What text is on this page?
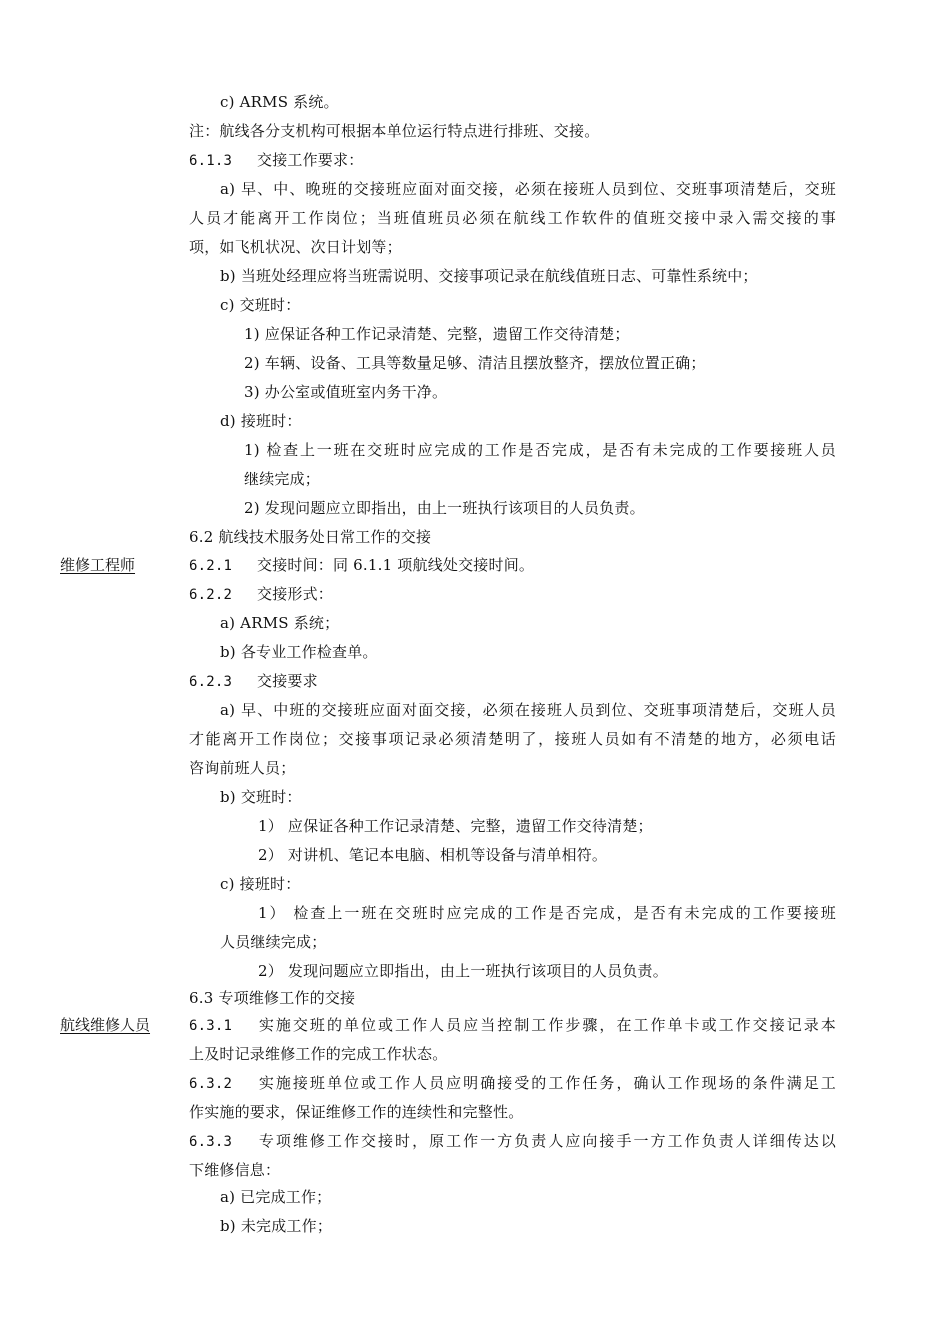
维修工程师
航线维修人员
c) ARMS 系统。
注：航线各分支机构可根据本单位运行特点进行排班、交接。
6.1.3 交接工作要求：
a) 早、中、晚班的交接班应面对面交接，必须在接班人员到位、交班事项清楚后，交班
人员才能离开工作岗位；当班值班员必须在航线工作软件的值班交接中录入需交接的事
项，如飞机状况、次日计划等；
b) 当班处经理应将当班需说明、交接事项记录在航线值班日志、可靠性系统中；
c) 交班时：
1) 应保证各种工作记录清楚、完整，遗留工作交待清楚；
2) 车辆、设备、工具等数量足够、清洁且摆放整齐，摆放位置正确；
3) 办公室或值班室内务干净。
d) 接班时：
1) 检查上一班在交班时应完成的工作是否完成，是否有未完成的工作要接班人员
继续完成；
2) 发现问题应立即指出，由上一班执行该项目的人员负责。
6.2 航线技术服务处日常工作的交接
6.2.1 交接时间：同 6.1.1 项航线处交接时间。
6.2.2 交接形式：
a) ARMS 系统；
b) 各专业工作检查单。
6.2.3 交接要求
a) 早、中班的交接班应面对面交接，必须在接班人员到位、交班事项清楚后，交班人员
才能离开工作岗位；交接事项记录必须清楚明了，接班人员如有不清楚的地方，必须电话
咨询前班人员；
b) 交班时：
1） 应保证各种工作记录清楚、完整，遗留工作交待清楚；
2） 对讲机、笔记本电脑、相机等设备与清单相符。
c) 接班时：
1） 检查上一班在交班时应完成的工作是否完成，是否有未完成的工作要接班
人员继续完成；
2） 发现问题应立即指出，由上一班执行该项目的人员负责。
6.3 专项维修工作的交接
6.3.1 实施交班的单位或工作人员应当控制工作步骤，在工作单卡或工作交接记录本
上及时记录维修工作的完成工作状态。
6.3.2 实施接班单位或工作人员应明确接受的工作任务，确认工作现场的条件满足工
作实施的要求，保证维修工作的连续性和完整性。
6.3.3 专项维修工作交接时，原工作一方负责人应向接手一方工作负责人详细传达以
下维修信息：
a) 已完成工作；
b) 未完成工作；
